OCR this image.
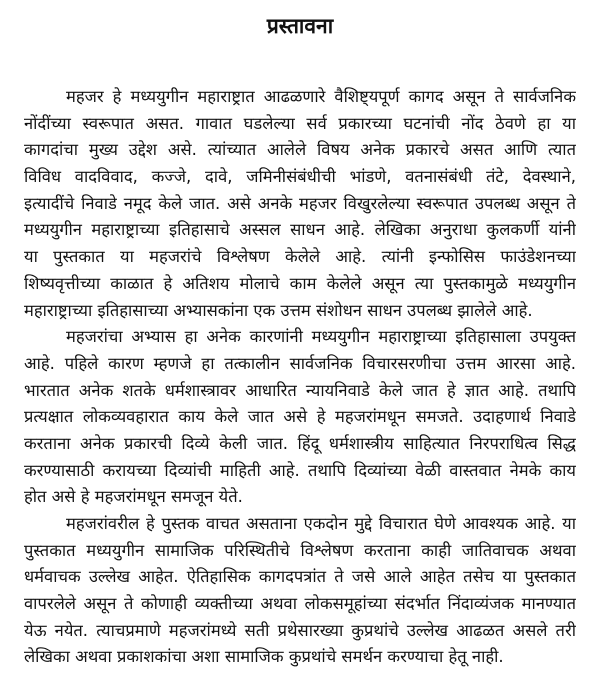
प्रस्तावना
महजर हे मध्ययुगीन महाराष्ट्रात आढळणारे वैशिष्ट्यपूर्ण कागद असून ते सार्वजनिक
नोंदींच्या स्वरूपात असत. गावात घडलेल्या सर्व प्रकारच्या घटनांची नोंद ठेवणे हा या
कागदांचा मुख्य उद्देश असे. त्यांच्यात आलेले विषय अनेक प्रकारचे असत आणि त्यात
विविध वादविवाद, कज्जे, दावे, जमिनीसंबंधीची भांडणे, वतनासंबंधी तंटे, देवस्थाने,
इत्यादींचे निवाडे नमूद केले जात. असे अनके महजर विखुरलेल्या स्वरूपात उपलब्ध असून ते
मध्ययुगीन महाराष्ट्राच्या इतिहासाचे अस्सल साधन आहे. लेखिका अनुराधा कुलकर्णी यांनी
या पुस्तकात या महजरांचे विश्लेषण केलेले आहे. त्यांनी इन्फोसिस फाउंडेशनच्या
शिष्यवृत्तीच्या काळात हे अतिशय मोलाचे काम केलेले असून त्या पुस्तकामुळे मध्ययुगीन
महाराष्ट्राच्या इतिहासाच्या अभ्यासकांना एक उत्तम संशोधन साधन उपलब्ध झालेले आहे.
महजरांचा अभ्यास हा अनेक कारणांनी मध्ययुगीन महाराष्ट्राच्या इतिहासाला उपयुक्त
आहे. पहिले कारण म्हणजे हा तत्कालीन सार्वजनिक विचारसरणीचा उत्तम आरसा आहे.
भारतात अनेक शतके धर्मशास्त्रावर आधारित न्यायनिवाडे केले जात हे ज्ञात आहे. तथापि
प्रत्यक्षात लोकव्यवहारात काय केले जात असे हे महजरांमधून समजते. उदाहणार्थ निवाडे
करताना अनेक प्रकारची दिव्ये केली जात. हिंदू धर्मशास्त्रीय साहित्यात निरपराधित्व सिद्ध
करण्यासाठी करायच्या दिव्यांची माहिती आहे. तथापि दिव्यांच्या वेळी वास्तवात नेमके काय
होत असे हे महजरांमधून समजून येते.
महजरांवरील हे पुस्तक वाचत असताना एकदोन मुद्दे विचारात घेणे आवश्यक आहे. या
पुस्तकात मध्ययुगीन सामाजिक परिस्थितीचे विश्लेषण करताना काही जातिवाचक अथवा
धर्मवाचक उल्लेख आहेत. ऐतिहासिक कागदपत्रांत ते जसे आले आहेत तसेच या पुस्तकात
वापरलेले असून ते कोणाही व्यक्तीच्या अथवा लोकसमूहांच्या संदर्भात निंदाव्यंजक मानण्यात
येऊ नयेत. त्याचप्रमाणे महजरांमध्ये सती प्रथेसारख्या कुप्रथांचे उल्लेख आढळत असले तरी
लेखिका अथवा प्रकाशकांचा अशा सामाजिक कुप्रथांचे समर्थन करण्याचा हेतू नाही.
